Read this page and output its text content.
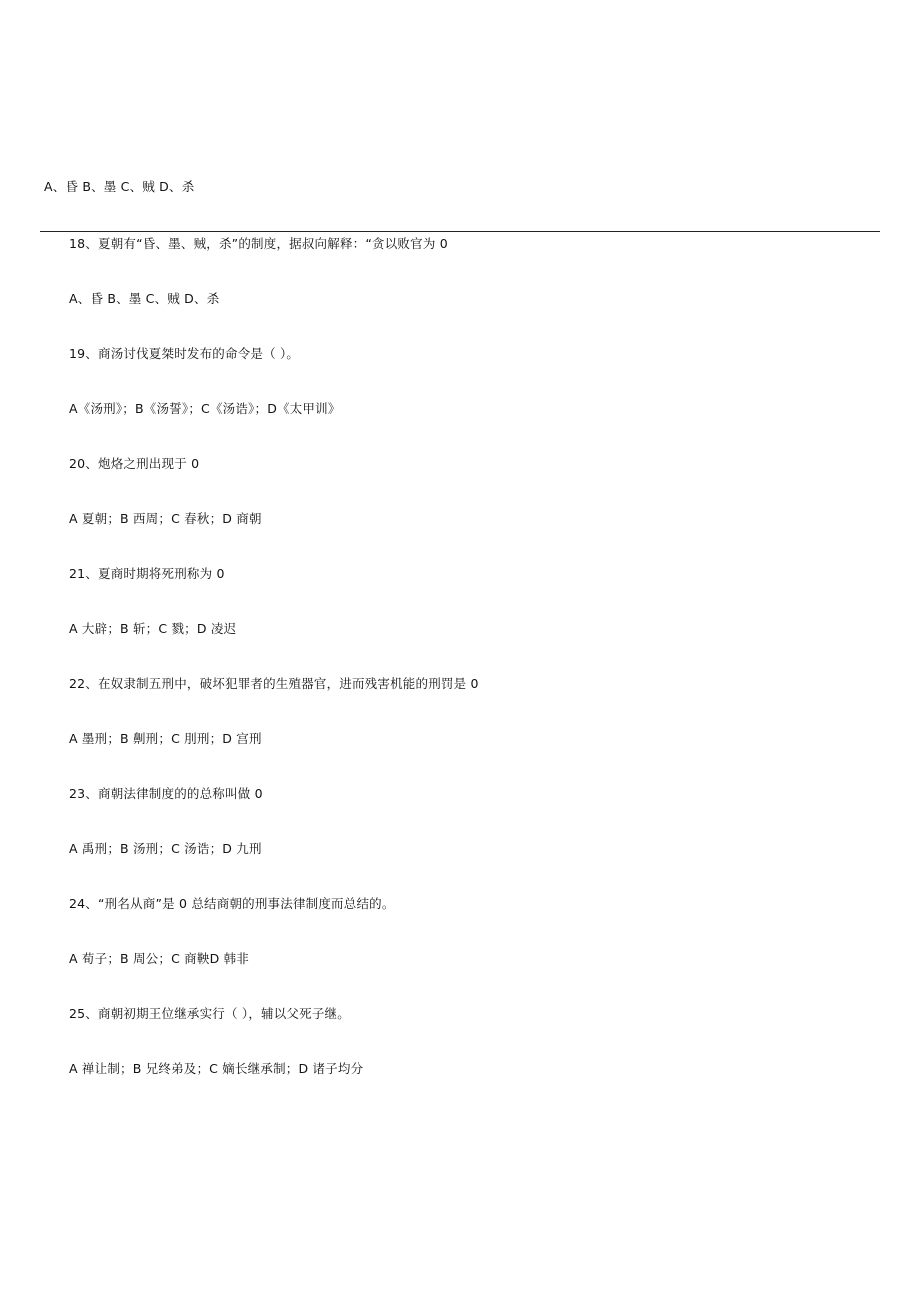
A、昏 B、墨 C、贼 D、杀
18、夏朝有“昏、墨、贼，杀”的制度，据叔向解释：“贪以败官为 0
A、昏 B、墨 C、贼 D、杀
19、商汤讨伐夏桀时发布的命令是（ ）。
A《汤刑》；B《汤誓》；C《汤诰》；D《太甲训》
20、炮烙之刑出现于 0
A 夏朝；B 西周；C 春秋；D 商朝
21、夏商时期将死刑称为 0
A 大辟；B 斩；C 戮；D 凌迟
22、在奴隶制五刑中，破坏犯罪者的生殖器官，进而残害机能的刑罚是 0
A 墨刑；B 劓刑；C 刖刑；D 宫刑
23、商朝法律制度的的总称叫做 0
A 禹刑；B 汤刑；C 汤诰；D 九刑
24、“刑名从商”是 0 总结商朝的刑事法律制度而总结的。
A 荀子；B 周公；C 商鞅D 韩非
25、商朝初期王位继承实行（ ），辅以父死子继。
A 禅让制；B 兄终弟及；C 嫡长继承制；D 诸子均分
